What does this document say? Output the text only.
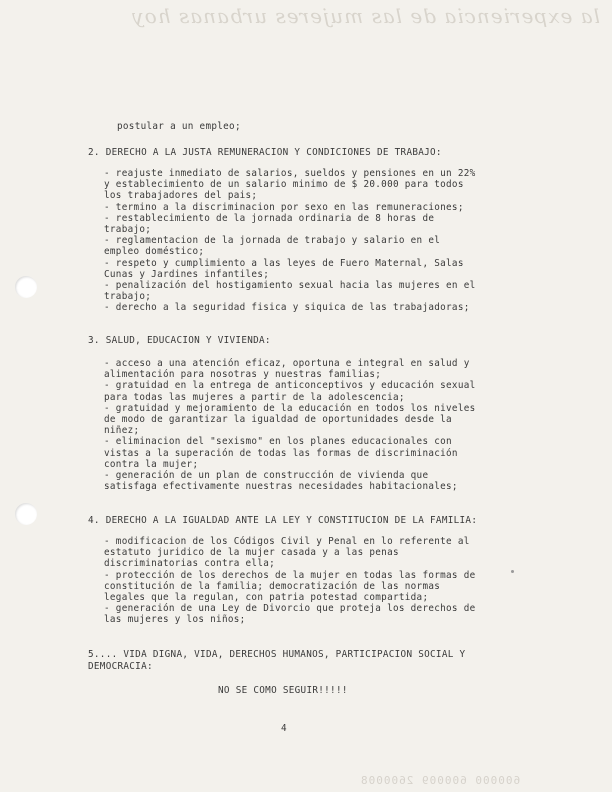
la experiencia de las mujeres urbanas hoy
postular a un empleo;
2. DERECHO A LA JUSTA REMUNERACION Y CONDICIONES DE TRABAJO:
- reajuste inmediato de salarios, sueldos y pensiones en un 22%
y establecimiento de un salario minimo de $ 20.000 para todos
los trabajadores del pais;
- termino a la discriminacion por sexo en las remuneraciones;
- restablecimiento de la jornada ordinaria de 8 horas de
trabajo;
- reglamentacion de la jornada de trabajo y salario en el
empleo doméstico;
- respeto y cumplimiento a las leyes de Fuero Maternal, Salas
Cunas y Jardines infantiles;
- penalización del hostigamiento sexual hacia las mujeres en el
trabajo;
- derecho a la seguridad fisica y siquica de las trabajadoras;
3. SALUD, EDUCACION Y VIVIENDA:
- acceso a una atención eficaz, oportuna e integral en salud y
alimentación para nosotras y nuestras familias;
- gratuidad en la entrega de anticonceptivos y educación sexual
para todas las mujeres a partir de la adolescencia;
- gratuidad y mejoramiento de la educación en todos los niveles
de modo de garantizar la igualdad de oportunidades desde la
niñez;
- eliminacion del "sexismo" en los planes educacionales con
vistas a la superación de todas las formas de discriminación
contra la mujer;
- generación de un plan de construcción de vivienda que
satisfaga efectivamente nuestras necesidades habitacionales;
4. DERECHO A LA IGUALDAD ANTE LA LEY Y CONSTITUCION DE LA FAMILIA:
- modificacion de los Códigos Civil y Penal en lo referente al
estatuto juridico de la mujer casada y a las penas
discriminatorias contra ella;
- protección de los derechos de la mujer en todas las formas de
constitución de la familia; democratización de las normas
legales que la regulan, con patria potestad compartida;
- generación de una Ley de Divorcio que proteja los derechos de
las mujeres y los niños;
5.... VIDA DIGNA, VIDA, DERECHOS HUMANOS, PARTICIPACION SOCIAL Y
DEMOCRACIA:
NO SE COMO SEGUIR!!!!!
4
600000 600009 2600008
